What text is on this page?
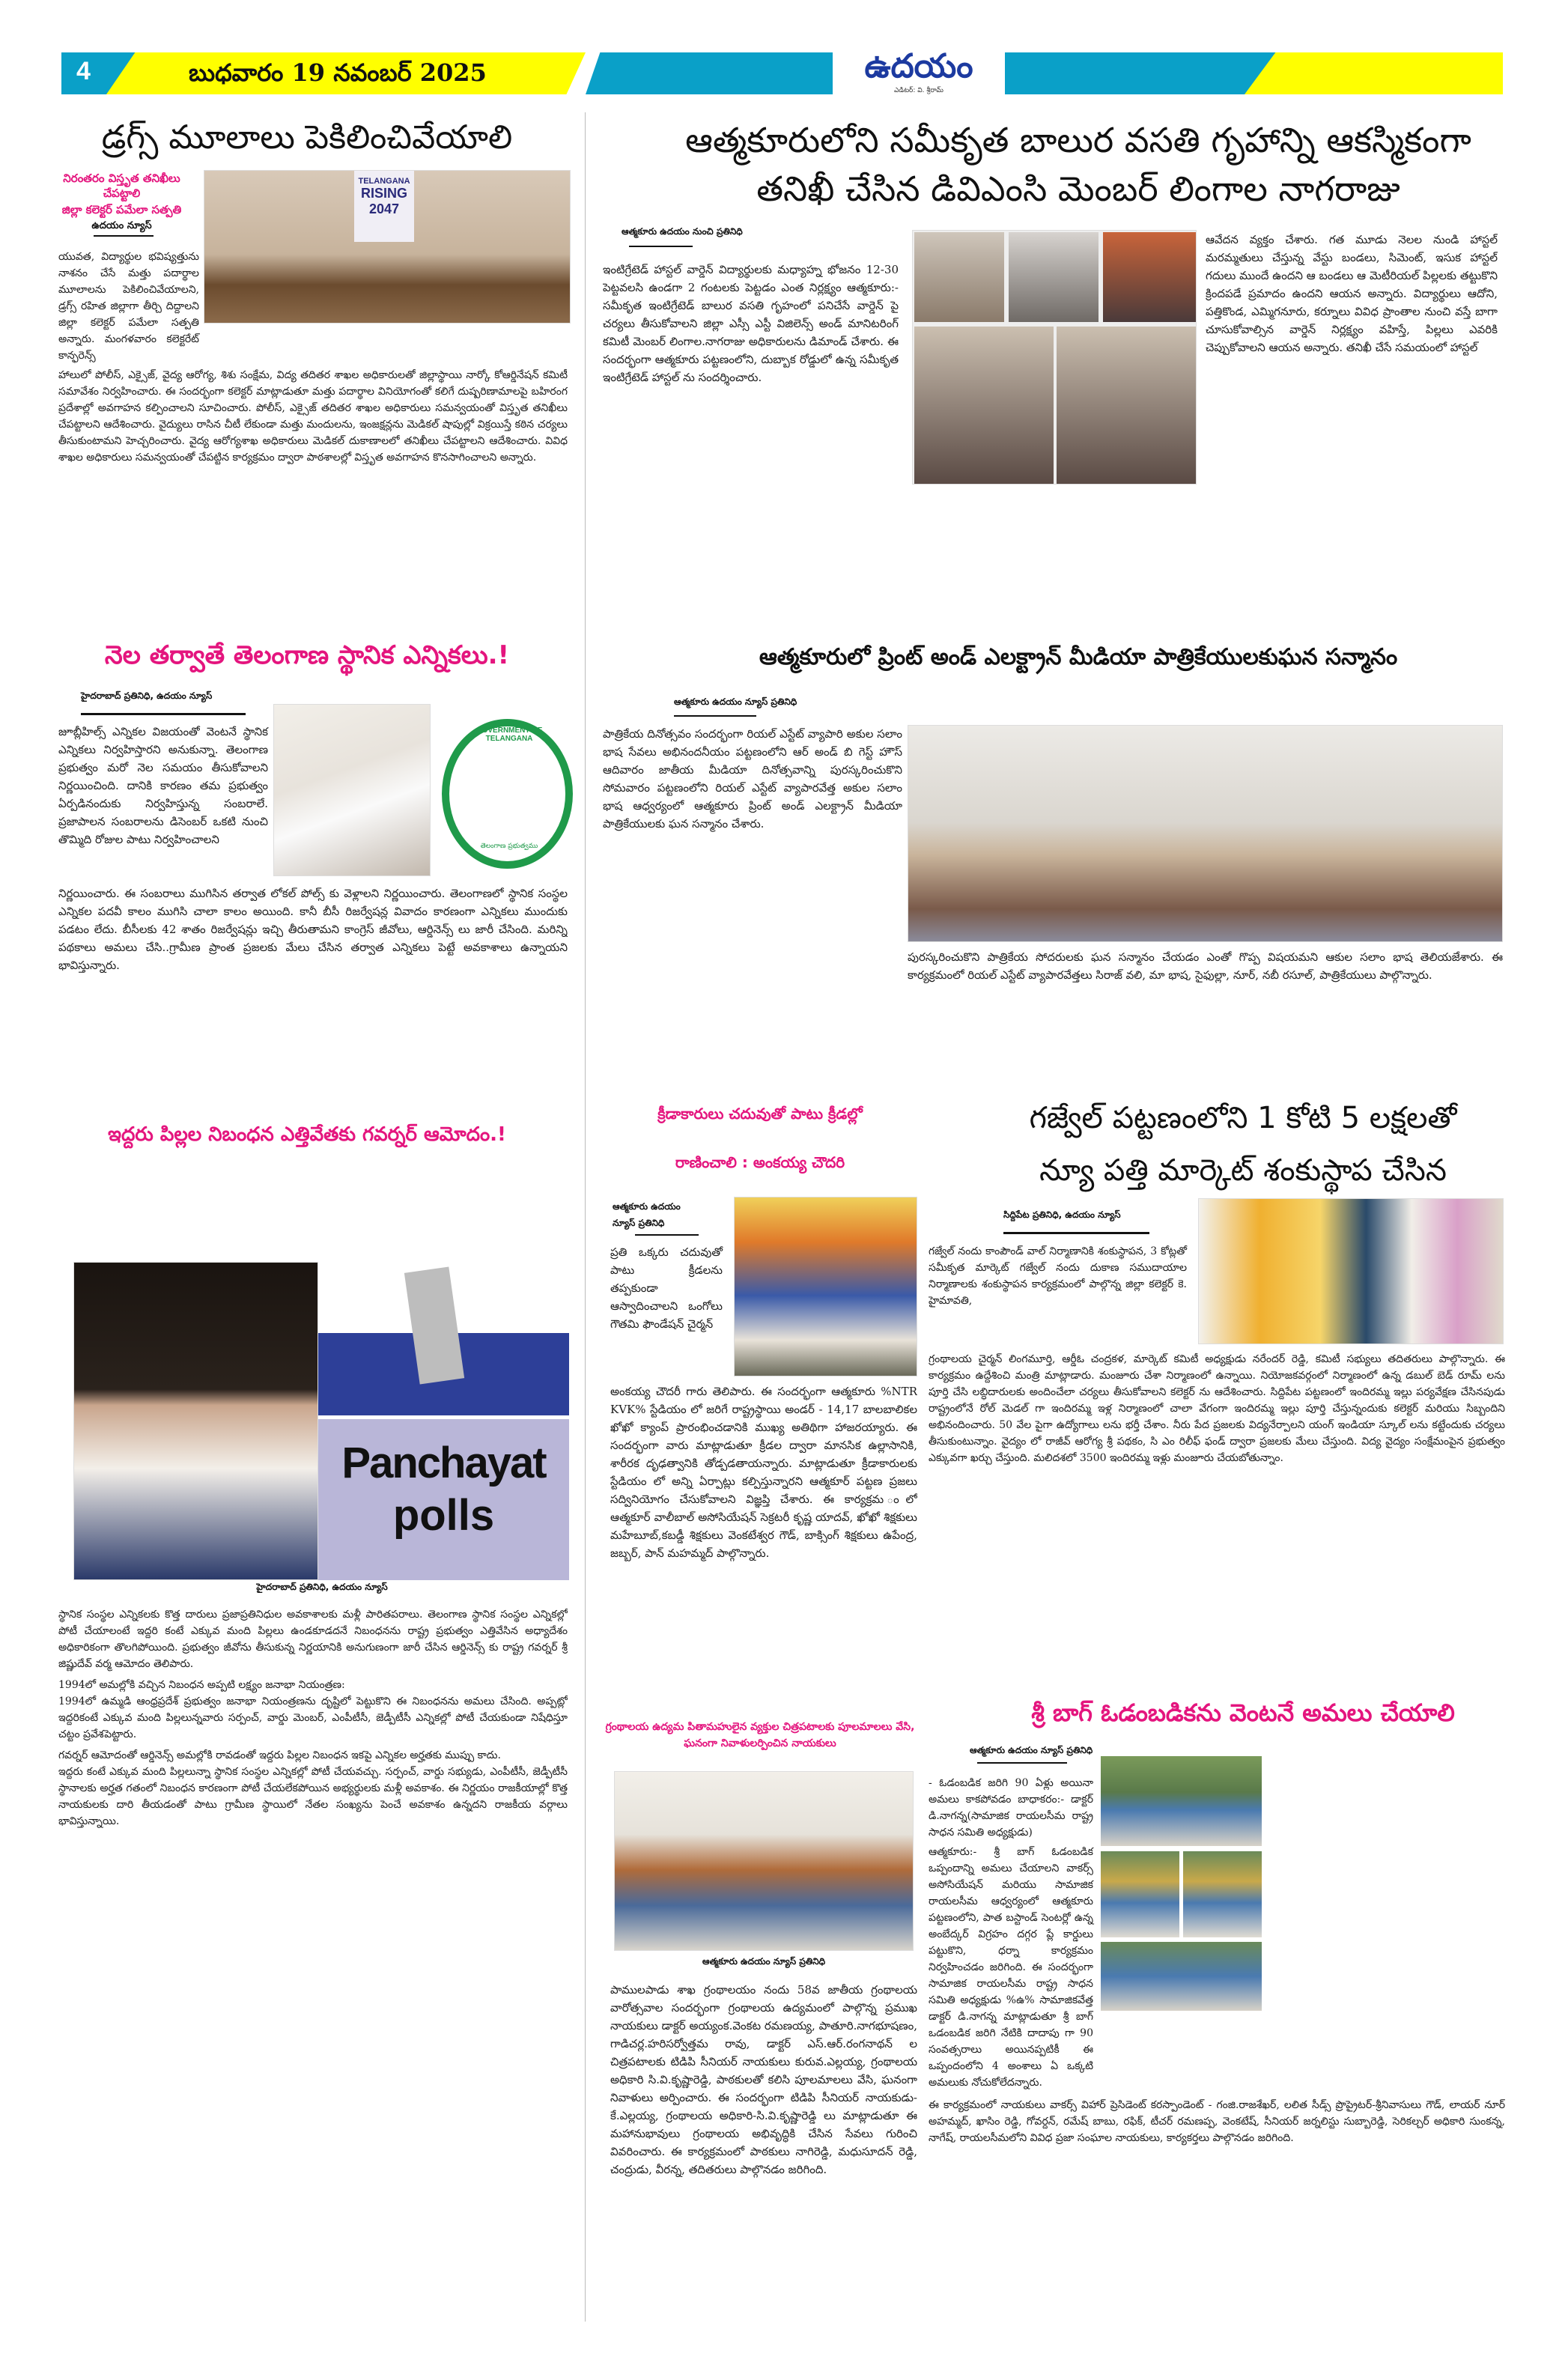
4	బుధవారం 19 నవంబర్ 2025	ఉదయం
ఎడిటర్: వి. శ్రీరామ్
డ్రగ్స్ మూలాలు పెకిలించివేయాలి
నిరంతరం విస్తృత తనిఖీలు చేపట్టాలి
జిల్లా కలెక్టర్ పమేలా సత్పతి
ఉదయం న్యూస్
TELANGANA
RISING
2047
యువత, విద్యార్థుల భవిష్యత్తును నాశనం చేసే మత్తు పదార్థాల మూలాలను పెకిలించివేయాలని, డ్రగ్స్ రహిత జిల్లాగా తీర్చి దిద్దాలని జిల్లా కలెక్టర్ పమేలా సత్పతి అన్నారు. మంగళవారం కలెక్టరేట్ కాన్ఫరెన్స్
హాలులో పోలీస్, ఎక్సైజ్, వైద్య ఆరోగ్య, శిశు సంక్షేమ, విద్య తదితర శాఖల అధికారులతో జిల్లాస్థాయి నార్కో కోఆర్డినేషన్ కమిటీ సమావేశం నిర్వహించారు. ఈ సందర్భంగా కలెక్టర్ మాట్లాడుతూ మత్తు పదార్థాల వినియోగంతో కలిగే దుష్పరిణామాలపై బహిరంగ ప్రదేశాల్లో అవగాహన కల్పించాలని సూచించారు. పోలీస్, ఎక్సైజ్ తదితర శాఖల అధికారులు సమన్వయంతో విస్తృత తనిఖీలు చేపట్టాలని ఆదేశించారు. వైద్యులు రాసిన చీటీ లేకుండా మత్తు మందులను, ఇంజక్షన్లను మెడికల్ షాపుల్లో విక్రయిస్తే కఠిన చర్యలు తీసుకుంటామని హెచ్చరించారు. వైద్య ఆరోగ్యశాఖ అధికారులు మెడికల్ దుకాణాలలో తనిఖీలు చేపట్టాలని ఆదేశించారు. వివిధ శాఖల అధికారులు సమన్వయంతో చేపట్టిన కార్యక్రమం ద్వారా పాఠశాలల్లో విస్తృత అవగాహన కొనసాగించాలని అన్నారు.
ఆత్మకూరులోని సమీకృత బాలుర వసతి గృహాన్ని ఆకస్మికంగా
తనిఖీ చేసిన డివిఎంసి మెంబర్ లింగాల నాగరాజు
ఆత్మకూరు ఉదయం నుంచి ప్రతినిధి
ఇంటిగ్రేటెడ్ హాస్టల్ వార్డెన్ విద్యార్థులకు మధ్యాహ్న భోజనం 12-30 పెట్టవలసి ఉండగా 2 గంటలకు పెట్టడం ఎంత నిర్లక్ష్యం ఆత్మకూరు:-సమీకృత ఇంటిగ్రేటెడ్ బాలుర వసతి గృహంలో పనిచేసే వార్డెన్ పై చర్యలు తీసుకోవాలని జిల్లా ఎస్సీ ఎస్టీ విజిలెన్స్ అండ్ మానిటరింగ్ కమిటీ మెంబర్ లింగాల.నాగరాజు అధికారులను డిమాండ్ చేశారు. ఈ సందర్భంగా ఆత్మకూరు పట్టణంలోని, దుబ్బాక రోడ్డులో ఉన్న సమీకృత ఇంటిగ్రేటెడ్ హాస్టల్ ను సందర్శించారు.
ఆవేదన వ్యక్తం చేశారు. గత మూడు నెలల నుండి హాస్టల్ మరమ్మతులు చేస్తున్న వేస్టు బండలు, సిమెంట్, ఇసుక హాస్టల్ గదులు ముందే ఉందని ఆ బండలు ఆ మెటీరియల్ పిల్లలకు తట్టుకొని క్రిందపడే ప్రమాదం ఉందని ఆయన అన్నారు. విద్యార్థులు ఆదోని, పత్తికొండ, ఎమ్మిగనూరు, కర్నూలు వివిధ ప్రాంతాల నుంచి వస్తే బాగా చూసుకోవాల్సిన వార్డెన్ నిర్లక్ష్యం వహిస్తే, పిల్లలు ఎవరికి చెప్పుకోవాలని ఆయన అన్నారు. తనిఖీ చేసే సమయంలో హాస్టల్
నెల తర్వాతే తెలంగాణ స్థానిక ఎన్నికలు.!
హైదరాబాద్ ప్రతినిధి, ఉదయం న్యూస్
GOVERNMENT OF TELANGANA
తెలంగాణ ప్రభుత్వము
జూబ్లీహిల్స్ ఎన్నికల విజయంతో వెంటనే స్థానిక ఎన్నికలు నిర్వహిస్తారని అనుకున్నా. తెలంగాణ ప్రభుత్వం మరో నెల సమయం తీసుకోవాలని నిర్ణయించింది. దానికి కారణం తమ ప్రభుత్వం ఏర్పడినందుకు నిర్వహిస్తున్న సంబరాలే. ప్రజాపాలన సంబరాలను డిసెంబర్ ఒకటి నుంచి తొమ్మిది రోజుల పాటు నిర్వహించాలని
నిర్ణయించారు. ఈ సంబరాలు ముగిసిన తర్వాత లోకల్ పోల్స్ కు వెళ్లాలని నిర్ణయించారు. తెలంగాణలో స్థానిక సంస్థల ఎన్నికల పదవీ కాలం ముగిసి చాలా కాలం అయింది. కానీ బీసీ రిజర్వేషన్ల వివాదం కారణంగా ఎన్నికలు ముందుకు పడటం లేదు. బీసీలకు 42 శాతం రిజర్వేషన్లు ఇచ్చి తీరుతామని కాంగ్రెస్ జీవోలు, ఆర్డినెన్స్ లు జారీ చేసింది. మరిన్ని పథకాలు అమలు చేసి..గ్రామీణ ప్రాంత ప్రజలకు మేలు చేసిన తర్వాత ఎన్నికలు పెట్టే అవకాశాలు ఉన్నాయని భావిస్తున్నారు.
ఆత్మకూరులో ప్రింట్ అండ్ ఎలక్ట్రాన్ మీడియా పాత్రికేయులకుఘన సన్మానం
ఆత్మకూరు ఉదయం న్యూస్ ప్రతినిధి
పాత్రికేయ దినోత్సవం సందర్భంగా రియల్ ఎస్టేట్ వ్యాపారి అకుల సలాం భాష సేవలు అభినందనీయం పట్టణంలోని ఆర్ అండ్ బి గెస్ట్ హౌస్ ఆదివారం జాతీయ మీడియా దినోత్సవాన్ని పురస్కరించుకొని సోమవారం పట్టణంలోని రియల్ ఎస్టేట్ వ్యాపారవేత్త అకుల సలాం భాష ఆధ్వర్యంలో ఆత్మకూరు ప్రింట్ అండ్ ఎలక్ట్రాన్ మీడియా పాత్రికేయులకు ఘన సన్మానం చేశారు.
పురస్కరించుకొని పాత్రికేయ సోదరులకు ఘన సన్మానం చేయడం ఎంతో గొప్ప విషయమని ఆకుల సలాం భాష తెలియజేశారు. ఈ కార్యక్రమంలో రియల్ ఎస్టేట్ వ్యాపారవేత్తలు సిరాజ్ వలి, మా భాష, సైఫుల్లా, నూర్, నబీ రసూల్, పాత్రికేయులు పాల్గొన్నారు.
ఇద్దరు పిల్లల నిబంధన ఎత్తివేతకు గవర్నర్ ఆమోదం.!
Panchayat
polls
హైదరాబాద్ ప్రతినిధి, ఉదయం న్యూస్
స్థానిక సంస్థల ఎన్నికలకు కొత్త దారులు ప్రజాప్రతినిధుల అవకాశాలకు మళ్లీ పారితపరాలు. తెలంగాణ స్థానిక సంస్థల ఎన్నికల్లో పోటీ చేయాలంటే ఇద్దరి కంటే ఎక్కువ మంది పిల్లలు ఉండకూడదనే నిబంధనను రాష్ట్ర ప్రభుత్వం ఎత్తివేసిన అధ్యాదేశం అధికారికంగా తొలగిపోయింది. ప్రభుత్వం జీవోను తీసుకున్న నిర్ణయానికి అనుగుణంగా జారీ చేసిన ఆర్డినెన్స్ కు రాష్ట్ర గవర్నర్ శ్రీ జిష్ణుదేవ్ వర్మ ఆమోదం తెలిపారు.
1994లో అమల్లోకి వచ్చిన నిబంధన అప్పటి లక్ష్యం జనాభా నియంత్రణ:
1994లో ఉమ్మడి ఆంధ్రప్రదేశ్ ప్రభుత్వం జనాభా నియంత్రణను దృష్టిలో పెట్టుకొని ఈ నిబంధనను అమలు చేసింది. అప్పట్లో ఇద్దరికంటే ఎక్కువ మంది పిల్లలున్నవారు సర్పంచ్, వార్డు మెంబర్, ఎంపీటీసీ, జెడ్పీటీసీ ఎన్నికల్లో పోటీ చేయకుండా నిషేధిస్తూ చట్టం ప్రవేశపెట్టారు.
గవర్నర్ ఆమోదంతో ఆర్డినెన్స్ అమల్లోకి రావడంతో ఇద్దరు పిల్లల నిబంధన ఇకపై ఎన్నికల అర్హతకు ముప్పు కాదు.
ఇద్దరు కంటే ఎక్కువ మంది పిల్లలున్నా స్థానిక సంస్థల ఎన్నికల్లో పోటీ చేయవచ్చు. సర్పంచ్, వార్డు సభ్యుడు, ఎంపీటీసీ, జెడ్పీటీసీ స్థానాలకు అర్హత గతంలో నిబంధన కారణంగా పోటీ చేయలేకపోయిన అభ్యర్థులకు మళ్లీ అవకాశం. ఈ నిర్ణయం రాజకీయాల్లో కొత్త నాయకులకు దారి తీయడంతో పాటు గ్రామీణ స్థాయిలో నేతల సంఖ్యను పెంచే అవకాశం ఉన్నదని రాజకీయ వర్గాలు భావిస్తున్నాయి.
క్రీడాకారులు చదువుతో పాటు క్రీడల్లో
రాణించాలి : అంకయ్య చౌదరి
ఆత్మకూరు ఉదయం న్యూస్ ప్రతినిధి
ప్రతి ఒక్కరు చదువుతో పాటు క్రీడలను తప్పకుండా ఆస్వాదించాలని ఒంగోలు గౌతమి ఫౌండేషన్ చైర్మన్
అంకయ్య చౌదరీ గారు తెలిపారు. ఈ సందర్భంగా ఆత్మకూరు %NTR KVK% స్టేడియం లో జరిగే రాష్ట్రస్థాయి అండర్ - 14,17 బాలబాలికల ఖోఖో క్యాంప్ ప్రారంభించడానికి ముఖ్య అతిథిగా హాజరయ్యారు. ఈ సందర్భంగా వారు మాట్లాడుతూ క్రీడల ద్వారా మానసిక ఉల్లాసానికి, శారీరక దృఢత్వానికి తోడ్పడతాయన్నారు. మాట్లాడుతూ క్రీడాకారులకు స్టేడియం లో అన్ని ఏర్పాట్లు కల్పిస్తున్నారని ఆత్మకూర్ పట్టణ ప్రజలు సద్వినియోగం చేసుకోవాలని విజ్ఞప్తి చేశారు. ఈ కార్యక్రమ ంలో ఆత్మకూర్ వాలీబాల్ అసోసియేషన్ సెక్రటరీ కృష్ణ యాదవ్, ఖోఖో శిక్షకులు మహేబూబ్,కబడ్డీ శిక్షకులు వెంకటేశ్వర గౌడ్, బాక్సింగ్ శిక్షకులు ఉపేంద్ర, జబ్బర్, పాన్ మహమ్మద్ పాల్గొన్నారు.
గ్రంథాలయ ఉద్యమ పితామహులైన వ్యక్తుల చిత్రపటాలకు పూలమాలలు వేసి, ఘనంగా నివాళులర్పించిన నాయకులు
ఆత్మకూరు ఉదయం న్యూస్ ప్రతినిధి
పాములపాడు శాఖ గ్రంథాలయం నందు 58వ జాతీయ గ్రంథాలయ వారోత్సవాల సందర్భంగా గ్రంథాలయ ఉద్యమంలో పాల్గొన్న ప్రముఖ నాయకులు డాక్టర్ అయ్యంక.వెంకట రమణయ్య, పాతూరి.నాగభూషణం, గాడిచర్ల.హరిసర్వోత్తమ రావు, డాక్టర్ ఎస్.ఆర్.రంగనాథన్ ల చిత్రపటాలకు టిడిపి సీనియర్ నాయకులు కురువ.ఎల్లయ్య, గ్రంథాలయ అధికారి సి.వి.కృష్ణారెడ్డి, పాఠకులతో కలిసి పూలమాలలు వేసి, ఘనంగా నివాళులు అర్పించారు. ఈ సందర్భంగా టిడిపి సీనియర్ నాయకుడు-కే.ఎల్లయ్య, గ్రంథాలయ అధికారి-సి.వి.కృష్ణారెడ్డి లు మాట్లాడుతూ ఈ మహానుభావులు గ్రంథాలయ అభివృద్ధికి చేసిన సేవలు గురించి వివరించారు. ఈ కార్యక్రమంలో పాఠకులు నాగిరెడ్డి, మధుసూదన్ రెడ్డి, చంద్రుడు, వీరన్న, తదితరులు పాల్గొనడం జరిగింది.
గజ్వేల్ పట్టణంలోని 1 కోటి 5 లక్షలతో
న్యూ పత్తి మార్కెట్ శంకుస్థాప చేసిన
సిద్దిపేట ప్రతినిధి, ఉదయం న్యూస్
గజ్వేల్ నందు కాంపౌండ్ వాల్ నిర్మాణానికి శంకుస్థాపన, 3 కోట్లతో సమీకృత మార్కెట్ గజ్వేల్ నందు దుకాణ సముదాయాల నిర్మాణాలకు శంకుస్థాపన కార్యక్రమంలో పాల్గొన్న జిల్లా కలెక్టర్ కె. హైమావతి,
గ్రంథాలయ చైర్మన్ లింగమూర్తి, ఆర్డీఓ చంద్రకళ, మార్కెట్ కమిటీ అధ్యక్షుడు నరేందర్ రెడ్డి, కమిటీ సభ్యులు తదితరులు పాల్గొన్నారు. ఈ కార్యక్రమం ఉద్దేశించి మంత్రి మాట్లాడారు. మంజూరు చేశా నిర్మాణంలో ఉన్నాయి. నియోజకవర్గంలో నిర్మాణంలో ఉన్న డబుల్ బెడ్ రూమ్ లను పూర్తి చేసి లబ్ధిదారులకు అందించేలా చర్యలు తీసుకోవాలని కలెక్టర్ ను ఆదేశించారు. సిద్దిపేట పట్టణంలో ఇందిరమ్మ ఇల్లు పర్యవేక్షణ చేసినపుడు రాష్ట్రంలోనే రోల్ మెడల్ గా ఇందిరమ్మ ఇళ్ల నిర్మాణంలో చాలా వేగంగా ఇందిరమ్మ ఇల్లు పూర్తి చేస్తున్నందుకు కలెక్టర్ మరియు సిబ్బందిని అభినందించారు. 50 వేల పైగా ఉద్యోగాలు లను భర్తీ చేశాం. నీరు పేద ప్రజలకు విద్యనేర్పాలని యంగ్ ఇండియా స్కూల్ లను కట్టేందుకు చర్యలు తీసుకుంటున్నాం. వైద్యం లో రాజీవ్ ఆరోగ్య శ్రీ పథకం, సి ఎం రిలీఫ్ ఫండ్ ద్వారా ప్రజలకు మేలు చేస్తుంది. విద్య వైద్యం సంక్షేమంపైన ప్రభుత్వం ఎక్కువగా ఖర్చు చేస్తుంది. మలిదశలో 3500 ఇందిరమ్మ ఇళ్లు మంజూరు చేయబోతున్నాం.
శ్రీ బాగ్ ఓడంబడికను వెంటనే అమలు చేయాలి
ఆత్మకూరు ఉదయం న్యూస్ ప్రతినిధి
- ఓడంబడిక జరిగి 90 ఏళ్లు అయినా అమలు కాకపోవడం బాధాకరం:- డాక్టర్ డి.నాగన్న(సామాజిక రాయలసీమ రాష్ట్ర సాధన సమితి అధ్యక్షుడు)
ఆత్మకూరు:- శ్రీ బాగ్ ఓడంబడిక ఒప్పందాన్ని అమలు చేయాలని వాకర్స్ అసోసియేషన్ మరియు సామాజిక రాయలసీమ ఆధ్వర్యంలో ఆత్మకూరు పట్టణంలోని, పాత బస్టాండ్ సెంటర్లో ఉన్న అంబేద్కర్ విగ్రహం దగ్గర ప్లే కార్డులు పట్టుకొని, ధర్నా కార్యక్రమం నిర్వహించడం జరిగింది. ఈ సందర్భంగా సామాజిక రాయలసీమ రాష్ట్ర సాధన సమితి అధ్యక్షుడు %ఉ% సామాజికవేత్త డాక్టర్ డి.నాగన్న మాట్లాడుతూ శ్రీ బాగ్ ఒడంబడిక జరిగి నేటికి దాదాపు గా 90 సంవత్సరాలు అయినప్పటికీ ఈ ఒప్పందంలోని 4 అంశాలు ఏ ఒక్కటి అమలుకు నోచుకోలేదన్నారు.
ఈ కార్యక్రమంలో నాయకులు వాకర్స్ విహార్ ప్రెసిడెంట్ కరస్పాండెంట్ - గంజి.రాజశేఖర్, లలిత సీడ్స్ ప్రొప్రైటర్-శ్రీనివాసులు గౌడ్, లాయర్ నూర్ అహమ్మద్, ఖాసిం రెడ్డి, గోవర్దన్, రమేష్ బాబు, రఫిక్, టీచర్ రమణప్ప, వెంకటేష్, సీనియర్ జర్నలిస్టు సుబ్బారెడ్డి, సెరికల్చర్ అధికారి సుంకన్న, నాగేష్, రాయలసీమలోని వివిధ ప్రజా సంఘాల నాయకులు, కార్యకర్తలు పాల్గొనడం జరిగింది.
